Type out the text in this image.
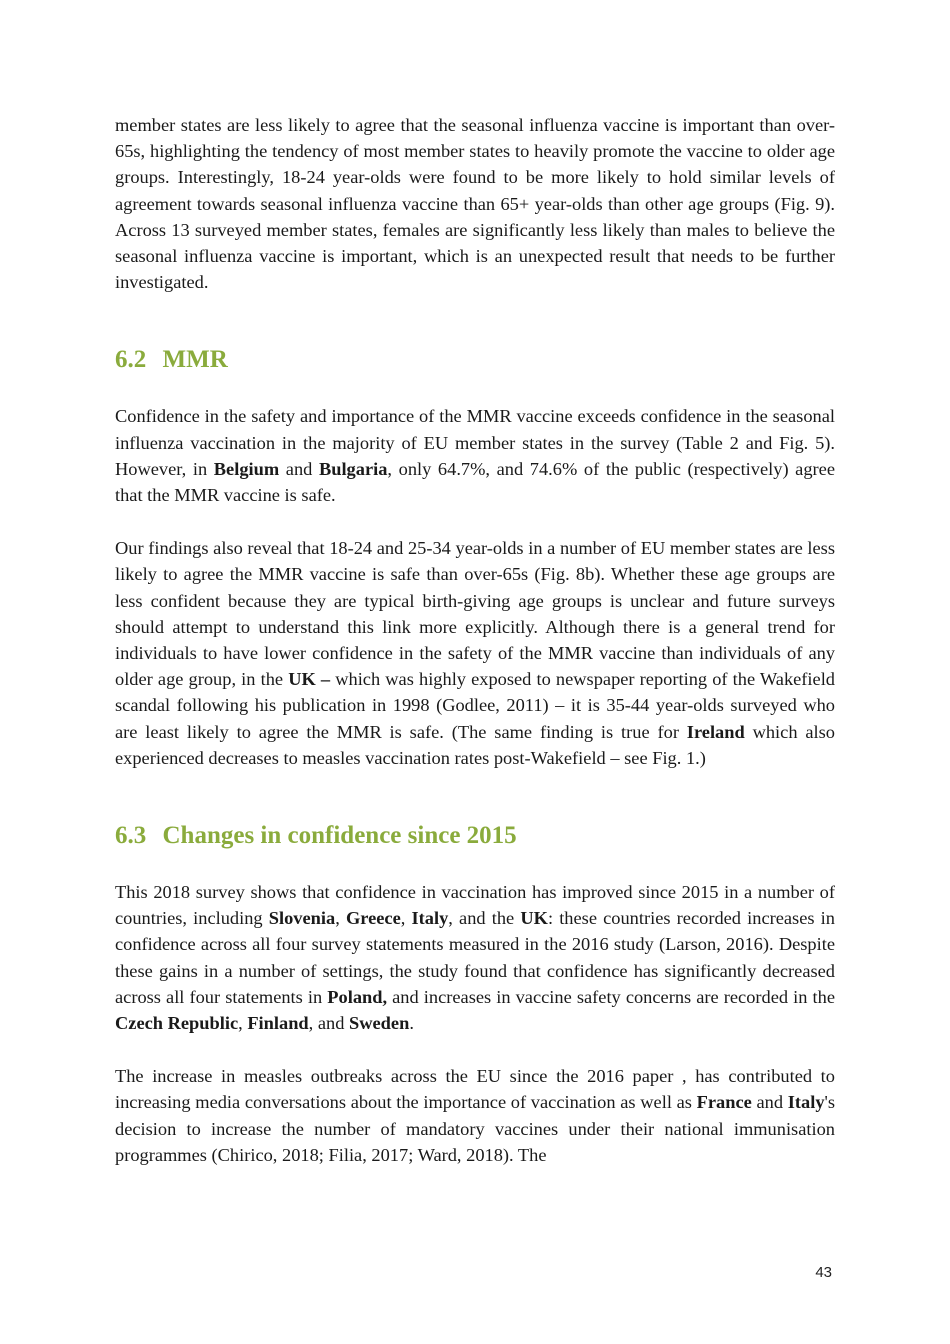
member states are less likely to agree that the seasonal influenza vaccine is important than over-65s, highlighting the tendency of most member states to heavily promote the vaccine to older age groups. Interestingly, 18-24 year-olds were found to be more likely to hold similar levels of agreement towards seasonal influenza vaccine than 65+ year-olds than other age groups (Fig. 9). Across 13 surveyed member states, females are significantly less likely than males to believe the seasonal influenza vaccine is important, which is an unexpected result that needs to be further investigated.

6.2 MMR

Confidence in the safety and importance of the MMR vaccine exceeds confidence in the seasonal influenza vaccination in the majority of EU member states in the survey (Table 2 and Fig. 5). However, in Belgium and Bulgaria, only 64.7%, and 74.6% of the public (respectively) agree that the MMR vaccine is safe.

Our findings also reveal that 18-24 and 25-34 year-olds in a number of EU member states are less likely to agree the MMR vaccine is safe than over-65s (Fig. 8b). Whether these age groups are less confident because they are typical birth-giving age groups is unclear and future surveys should attempt to understand this link more explicitly. Although there is a general trend for individuals to have lower confidence in the safety of the MMR vaccine than individuals of any older age group, in the UK – which was highly exposed to newspaper reporting of the Wakefield scandal following his publication in 1998 (Godlee, 2011) – it is 35-44 year-olds surveyed who are least likely to agree the MMR is safe. (The same finding is true for Ireland which also experienced decreases to measles vaccination rates post-Wakefield – see Fig. 1.)

6.3 Changes in confidence since 2015

This 2018 survey shows that confidence in vaccination has improved since 2015 in a number of countries, including Slovenia, Greece, Italy, and the UK: these countries recorded increases in confidence across all four survey statements measured in the 2016 study (Larson, 2016). Despite these gains in a number of settings, the study found that confidence has significantly decreased across all four statements in Poland, and increases in vaccine safety concerns are recorded in the Czech Republic, Finland, and Sweden.

The increase in measles outbreaks across the EU since the 2016 paper , has contributed to increasing media conversations about the importance of vaccination as well as France and Italy's decision to increase the number of mandatory vaccines under their national immunisation programmes (Chirico, 2018; Filia, 2017; Ward, 2018). The

43
